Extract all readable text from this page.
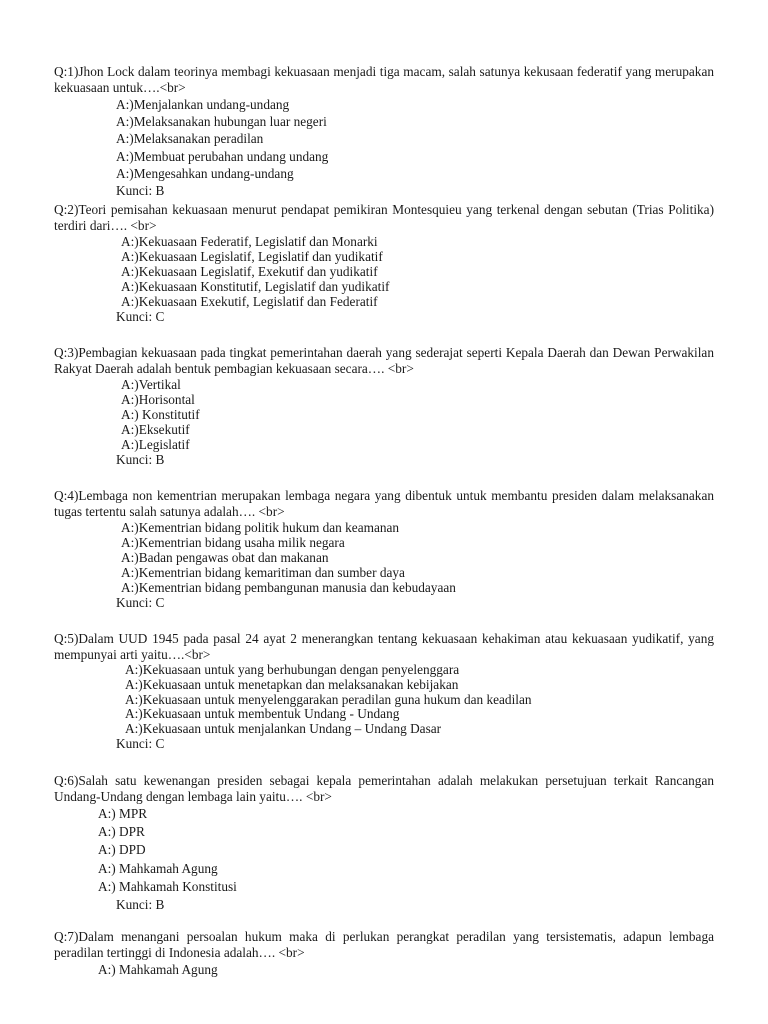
Q:1)Jhon Lock dalam teorinya membagi kekuasaan menjadi tiga macam, salah satunya kekusaan federatif yang merupakan kekuasaan untuk….<br>

A:)Menjalankan undang-undang
A:)Melaksanakan hubungan luar negeri
A:)Melaksanakan peradilan
A:)Membuat perubahan undang undang
A:)Mengesahkan undang-undang
Kunci: B

Q:2)Teori pemisahan kekuasaan menurut pendapat pemikiran Montesquieu yang terkenal dengan sebutan (Trias Politika) terdiri dari…. <br>

A:)Kekuasaan Federatif, Legislatif dan Monarki
A:)Kekuasaan Legislatif, Legislatif dan yudikatif
A:)Kekuasaan Legislatif, Exekutif dan yudikatif
A:)Kekuasaan Konstitutif, Legislatif dan yudikatif
A:)Kekuasaan Exekutif, Legislatif dan Federatif
Kunci: C

Q:3)Pembagian kekuasaan pada tingkat pemerintahan daerah yang sederajat seperti Kepala Daerah dan Dewan Perwakilan Rakyat Daerah adalah bentuk pembagian kekuasaan secara…. <br>

A:)Vertikal
A:)Horisontal
A:) Konstitutif
A:)Eksekutif
A:)Legislatif
Kunci: B

Q:4)Lembaga non kementrian merupakan lembaga negara yang dibentuk untuk membantu presiden dalam melaksanakan tugas tertentu salah satunya adalah…. <br>

A:)Kementrian bidang politik hukum dan keamanan
A:)Kementrian bidang usaha milik negara
A:)Badan pengawas obat dan makanan
A:)Kementrian bidang kemaritiman dan sumber daya
A:)Kementrian bidang pembangunan manusia dan kebudayaan
Kunci: C

Q:5)Dalam UUD 1945 pada pasal 24 ayat 2 menerangkan tentang kekuasaan kehakiman atau kekuasaan yudikatif, yang mempunyai arti yaitu….<br>

A:)Kekuasaan untuk yang berhubungan dengan penyelenggara
A:)Kekuasaan untuk menetapkan dan melaksanakan kebijakan
A:)Kekuasaan untuk menyelenggarakan peradilan guna hukum dan keadilan
A:)Kekuasaan untuk membentuk Undang - Undang
A:)Kekuasaan untuk menjalankan Undang – Undang Dasar
Kunci: C

Q:6)Salah satu kewenangan presiden sebagai kepala pemerintahan adalah melakukan persetujuan terkait Rancangan Undang-Undang dengan lembaga lain yaitu…. <br>

A:) MPR
A:) DPR
A:) DPD
A:) Mahkamah Agung
A:) Mahkamah Konstitusi
Kunci: B

Q:7)Dalam menangani persoalan hukum maka di perlukan perangkat peradilan yang tersistematis, adapun lembaga peradilan tertinggi di Indonesia adalah…. <br>

A:) Mahkamah Agung
